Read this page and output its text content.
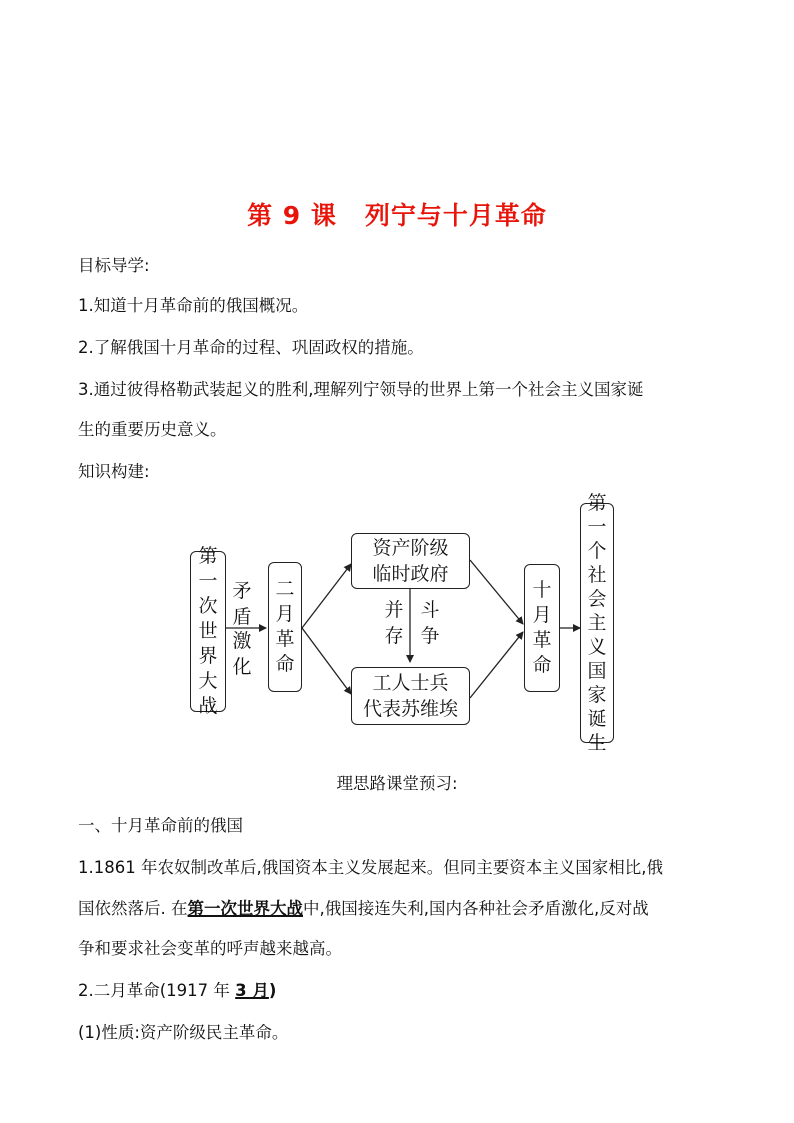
第 9 课 列宁与十月革命
目标导学:
1.知道十月革命前的俄国概况。
2.了解俄国十月革命的过程、巩固政权的措施。
3.通过彼得格勒武装起义的胜利,理解列宁领导的世界上第一个社会主义国家诞
生的重要历史意义。
知识构建:
第一次世界大战
矛盾
激化
二月革命
资产阶级
临时政府
并存
斗争
工人士兵
代表苏维埃
十月革命
第一个社会主义国家诞生
理思路课堂预习:
一、十月革命前的俄国
1.1861 年农奴制改革后,俄国资本主义发展起来。但同主要资本主义国家相比,俄
国依然落后. 在第一次世界大战中,俄国接连失利,国内各种社会矛盾激化,反对战
争和要求社会变革的呼声越来越高。
2.二月革命(1917 年 3 月)
(1)性质:资产阶级民主革命。
